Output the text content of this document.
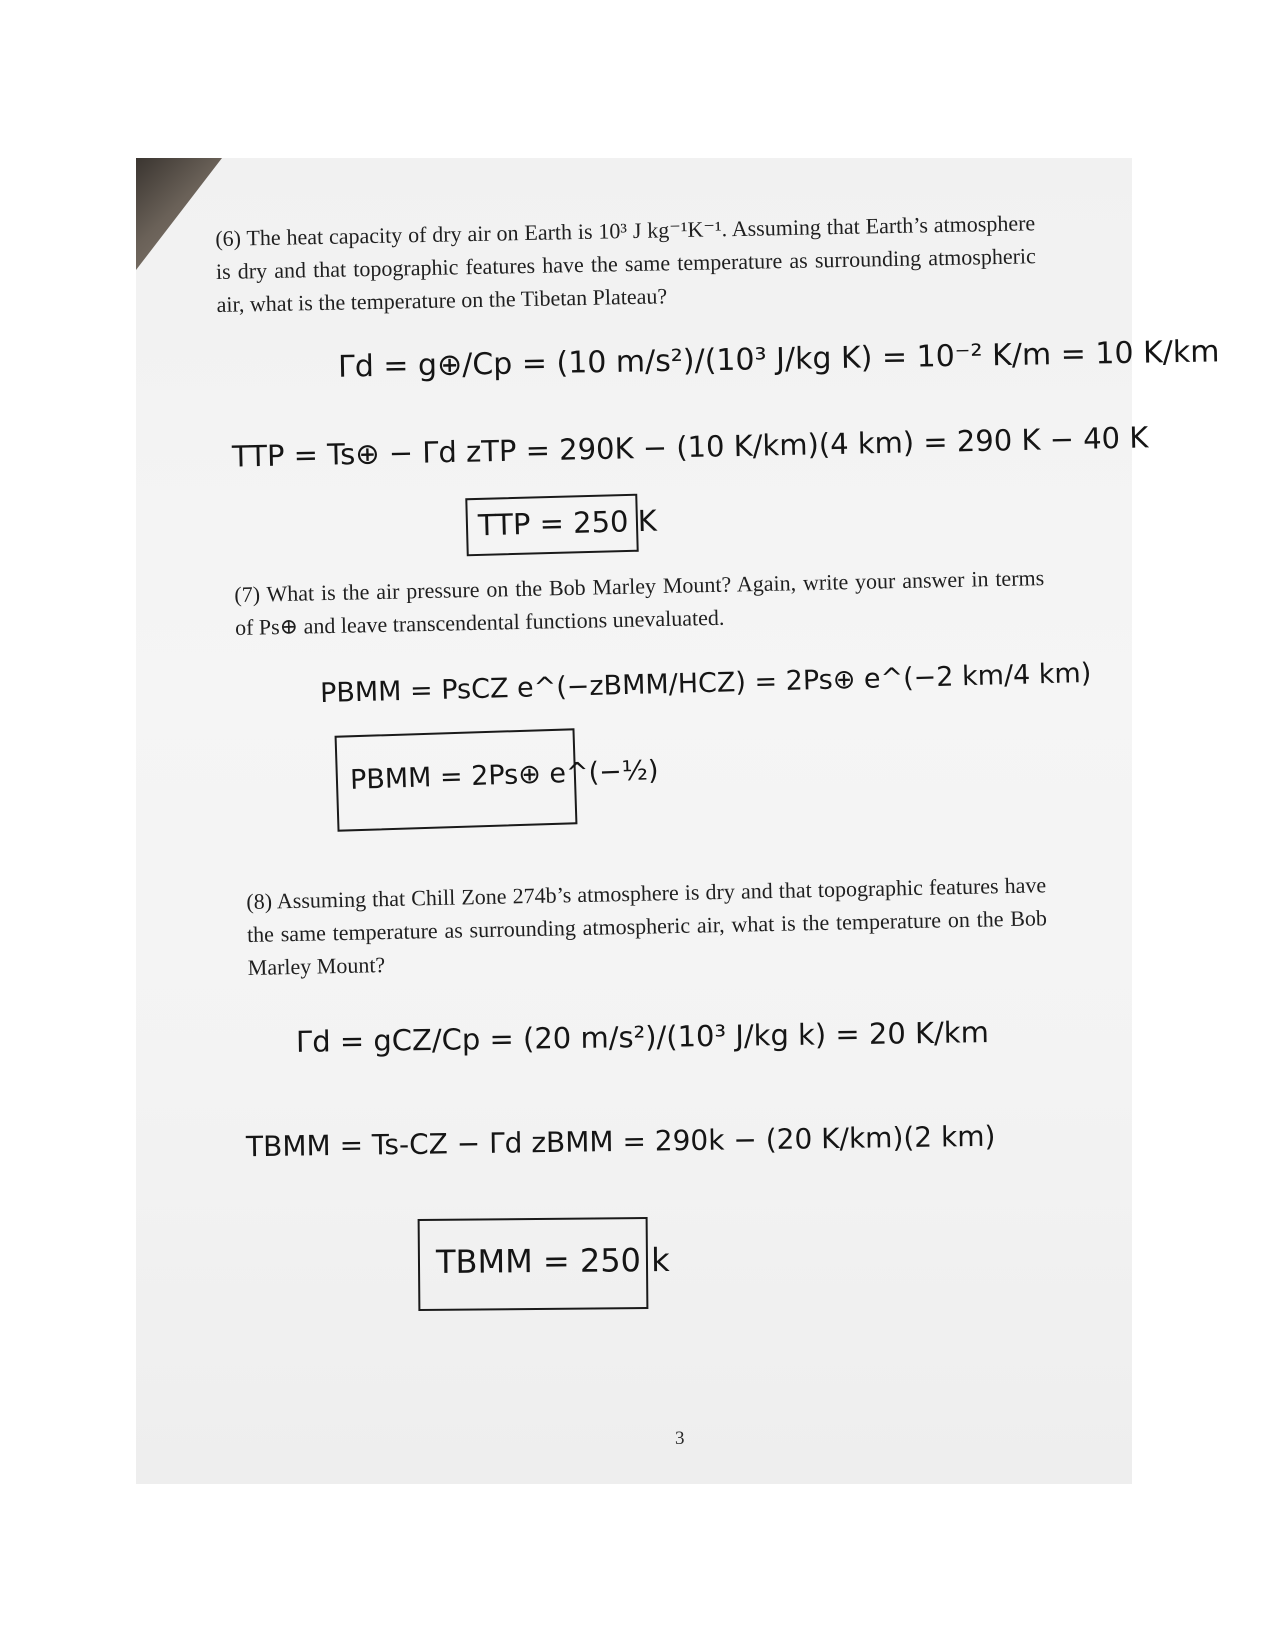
(6) The heat capacity of dry air on Earth is 10³ J kg⁻¹K⁻¹. Assuming that Earth’s atmosphere is dry and that topographic features have the same temperature as surrounding atmospheric air, what is the temperature on the Tibetan Plateau?
Γd = g⊕/Cp = (10 m/s²)/(10³ J/kg K) = 10⁻² K/m = 10 K/km
TTP = Ts⊕ − Γd zTP = 290K − (10 K/km)(4 km) = 290 K − 40 K
TTP = 250 K
(7) What is the air pressure on the Bob Marley Mount? Again, write your answer in terms of Ps⊕ and leave transcendental functions unevaluated.
PBMM = PsCZ e^(−zBMM/HCZ) = 2Ps⊕ e^(−2 km/4 km)
PBMM = 2Ps⊕ e^(−½)
(8) Assuming that Chill Zone 274b’s atmosphere is dry and that topographic features have the same temperature as surrounding atmospheric air, what is the temperature on the Bob Marley Mount?
Γd = gCZ/Cp = (20 m/s²)/(10³ J/kg k) = 20 K/km
TBMM = Ts-CZ − Γd zBMM = 290k − (20 K/km)(2 km)
TBMM = 250 k
3
